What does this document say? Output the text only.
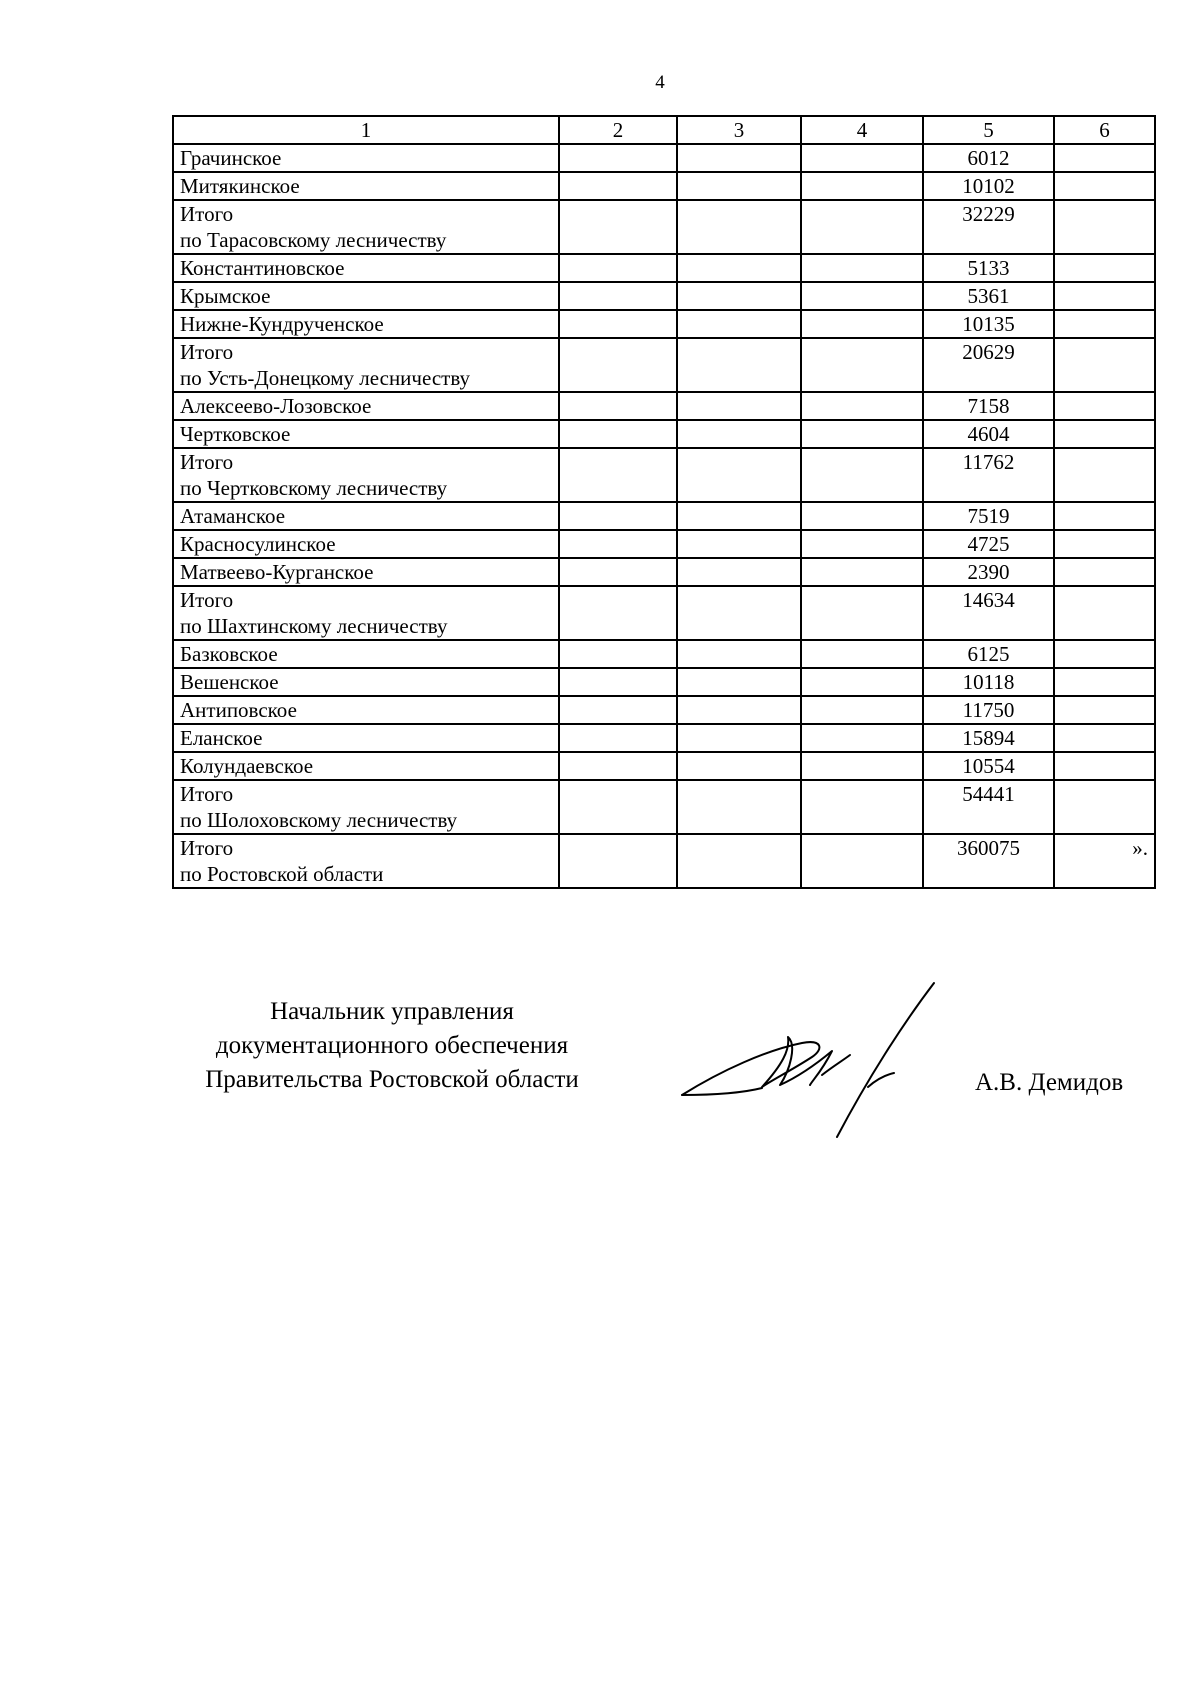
4
1	2	3	4	5	6

Грачинское				6012	

Митякинское				10102	

Итого
по Тарасовскому лесничеству				32229	

Константиновское				5133	

Крымское				5361	

Нижне-Кундрученское				10135	

Итого
по Усть-Донецкому лесничеству				20629	

Алексеево-Лозовское				7158	

Чертковское				4604	

Итого
по Чертковскому лесничеству				11762	

Атаманское				7519	

Красносулинское				4725	

Матвеево-Курганское				2390	

Итого
по Шахтинскому лесничеству				14634	

Базковское				6125	

Вешенское				10118	

Антиповское				11750	

Еланское				15894	

Колундаевское				10554	

Итого
по Шолоховскому лесничеству				54441	

Итого
по Ростовской области				360075	».
Начальник управления
документационного обеспечения
Правительства Ростовской области	А.В. Демидов
